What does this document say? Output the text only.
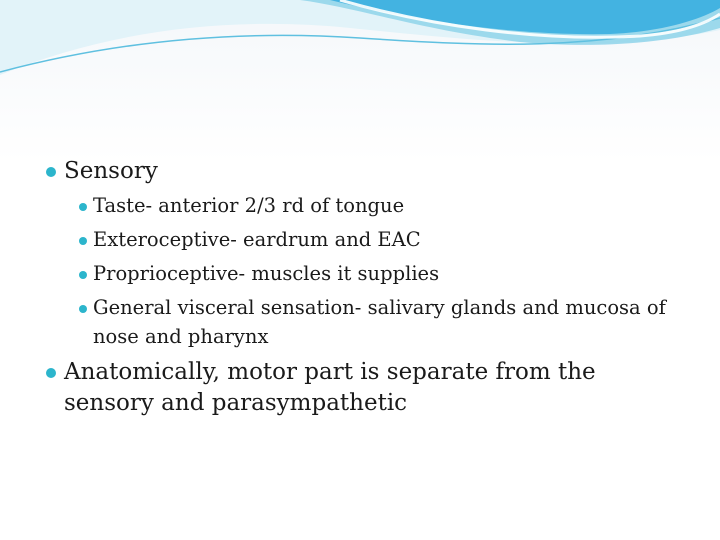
Sensory
Taste- anterior 2/3 rd of tongue
Exteroceptive- eardrum and EAC
Proprioceptive- muscles it supplies
General visceral sensation- salivary glands and mucosa of nose and pharynx
Anatomically, motor part is separate from the sensory and parasympathetic
